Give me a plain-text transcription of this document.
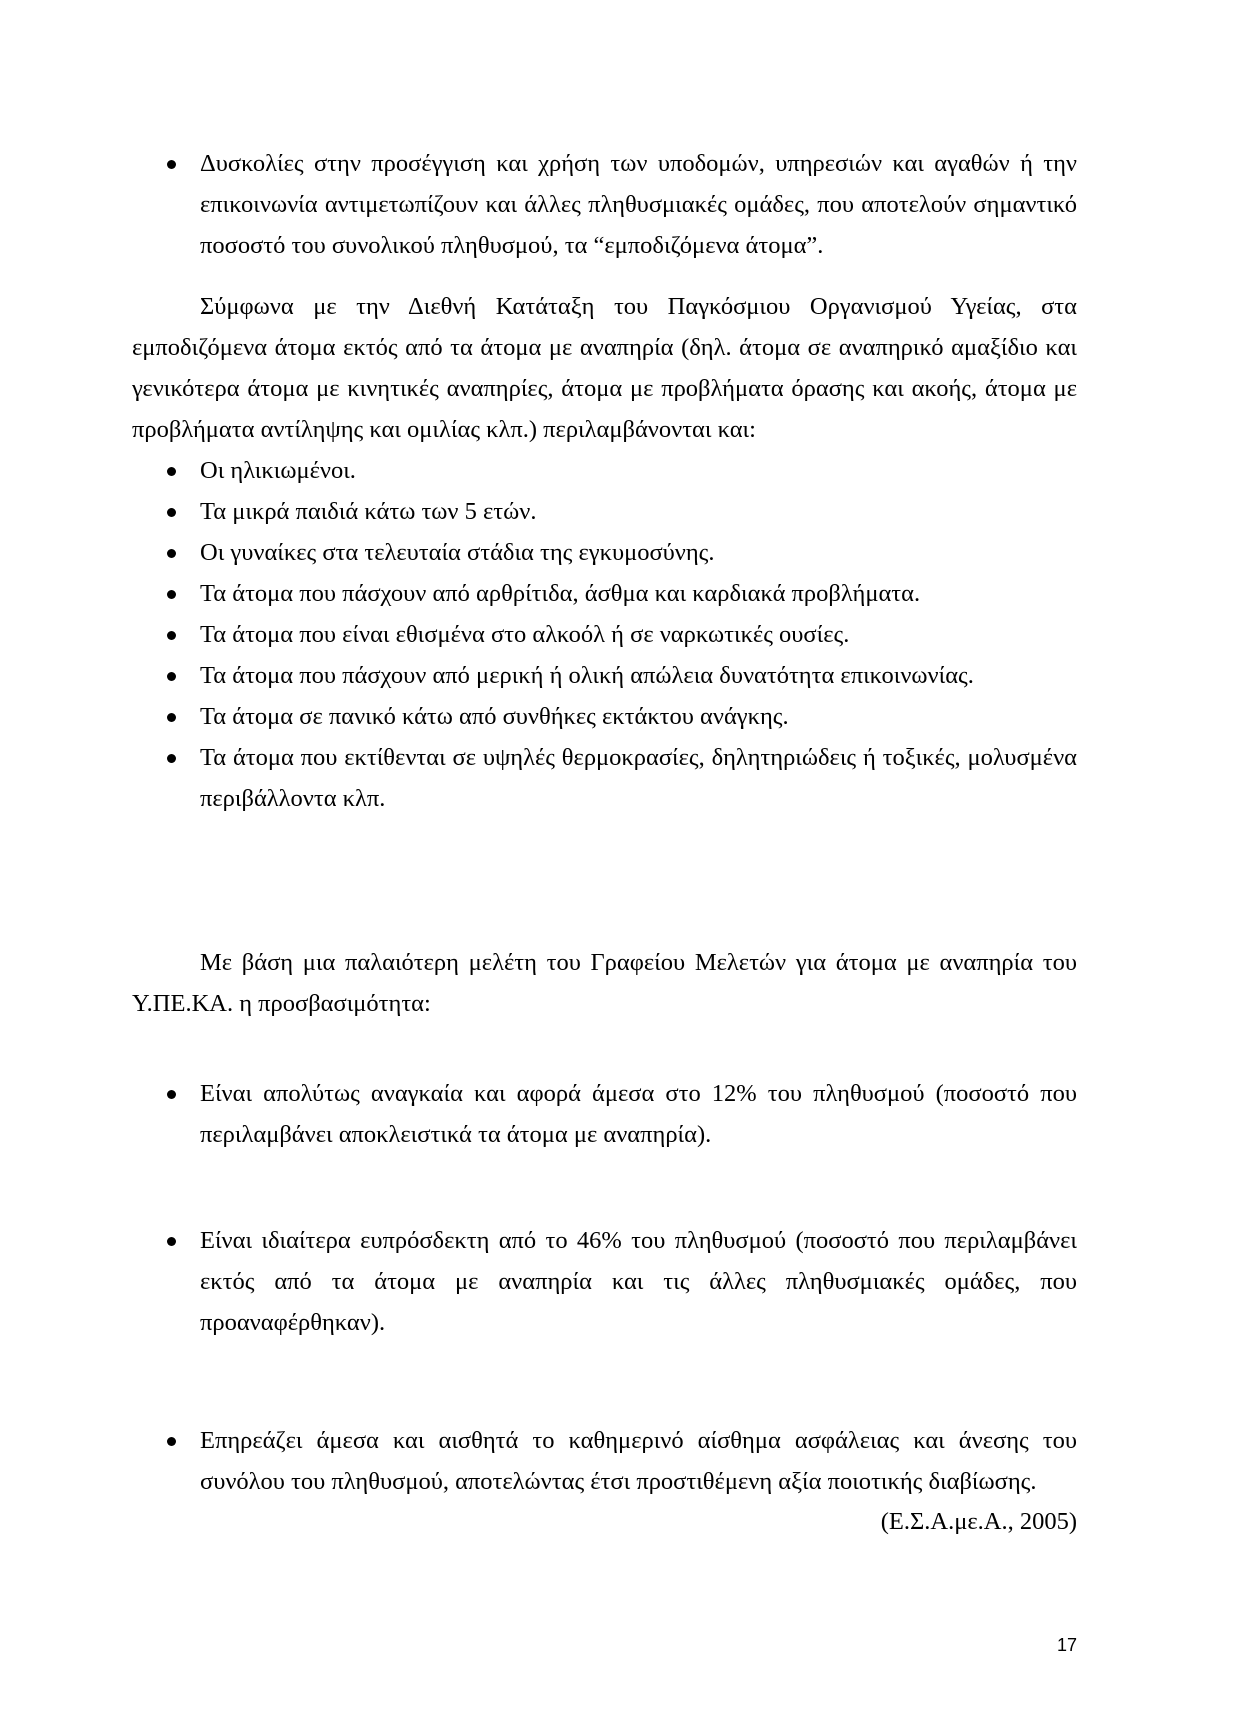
Δυσκολίες στην προσέγγιση και χρήση των υποδομών, υπηρεσιών και αγαθών ή την επικοινωνία αντιμετωπίζουν και άλλες πληθυσμιακές ομάδες, που αποτελούν σημαντικό ποσοστό του συνολικού πληθυσμού, τα “εμποδιζόμενα άτομα”.
Σύμφωνα με την Διεθνή Κατάταξη του Παγκόσμιου Οργανισμού Υγείας, στα εμποδιζόμενα άτομα εκτός από τα άτομα με αναπηρία (δηλ. άτομα σε αναπηρικό αμαξίδιο και γενικότερα άτομα με κινητικές αναπηρίες, άτομα με προβλήματα όρασης και ακοής, άτομα με προβλήματα αντίληψης και ομιλίας κλπ.) περιλαμβάνονται και:
Οι ηλικιωμένοι.
Τα μικρά παιδιά κάτω των 5 ετών.
Οι γυναίκες στα τελευταία στάδια της εγκυμοσύνης.
Τα άτομα που πάσχουν από αρθρίτιδα, άσθμα και καρδιακά προβλήματα.
Τα άτομα που είναι εθισμένα στο αλκοόλ ή σε ναρκωτικές ουσίες.
Τα άτομα που πάσχουν από μερική ή ολική απώλεια δυνατότητα επικοινωνίας.
Τα άτομα σε πανικό κάτω από συνθήκες εκτάκτου ανάγκης.
Τα άτομα που εκτίθενται σε υψηλές θερμοκρασίες, δηλητηριώδεις ή τοξικές, μολυσμένα περιβάλλοντα κλπ.
Με βάση μια παλαιότερη μελέτη του Γραφείου Μελετών για άτομα με αναπηρία του Υ.ΠΕ.ΚΑ. η προσβασιμότητα:
Είναι απολύτως αναγκαία και αφορά άμεσα στο 12% του πληθυσμού (ποσοστό που περιλαμβάνει αποκλειστικά τα άτομα με αναπηρία).
Είναι ιδιαίτερα ευπρόσδεκτη από το 46% του πληθυσμού (ποσοστό που περιλαμβάνει εκτός από τα άτομα με αναπηρία και τις άλλες πληθυσμιακές ομάδες, που προαναφέρθηκαν).
Επηρεάζει άμεσα και αισθητά το καθημερινό αίσθημα ασφάλειας και άνεσης του συνόλου του πληθυσμού, αποτελώντας έτσι προστιθέμενη αξία ποιοτικής διαβίωσης.
(Ε.Σ.Α.με.Α., 2005)
17
